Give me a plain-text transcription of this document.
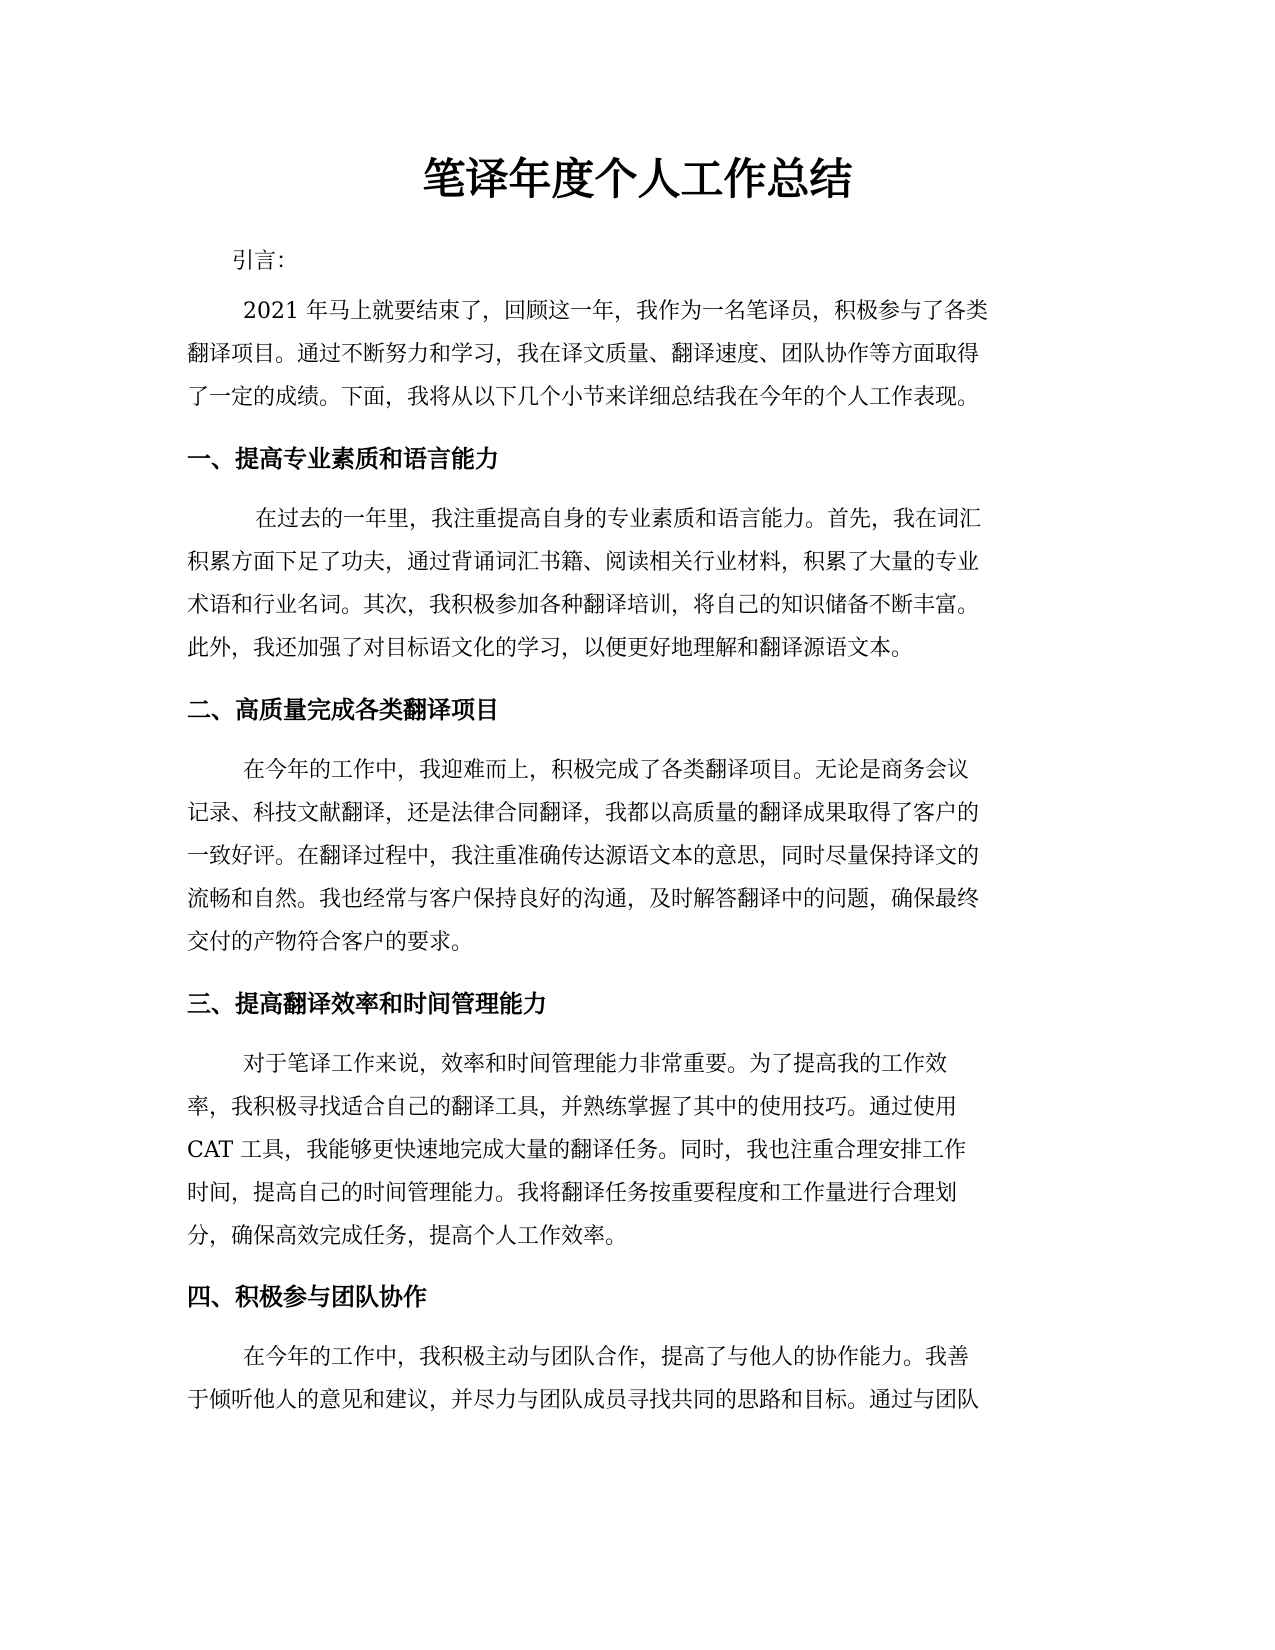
笔译年度个人工作总结

引言：

2021 年马上就要结束了，回顾这一年，我作为一名笔译员，积极参与了各类
翻译项目。通过不断努力和学习，我在译文质量、翻译速度、团队协作等方面取得
了一定的成绩。下面，我将从以下几个小节来详细总结我在今年的个人工作表现。

一、提高专业素质和语言能力

在过去的一年里，我注重提高自身的专业素质和语言能力。首先，我在词汇
积累方面下足了功夫，通过背诵词汇书籍、阅读相关行业材料，积累了大量的专业
术语和行业名词。其次，我积极参加各种翻译培训，将自己的知识储备不断丰富。
此外，我还加强了对目标语文化的学习，以便更好地理解和翻译源语文本。

二、高质量完成各类翻译项目

在今年的工作中，我迎难而上，积极完成了各类翻译项目。无论是商务会议
记录、科技文献翻译，还是法律合同翻译，我都以高质量的翻译成果取得了客户的
一致好评。在翻译过程中，我注重准确传达源语文本的意思，同时尽量保持译文的
流畅和自然。我也经常与客户保持良好的沟通，及时解答翻译中的问题，确保最终
交付的产物符合客户的要求。

三、提高翻译效率和时间管理能力

对于笔译工作来说，效率和时间管理能力非常重要。为了提高我的工作效
率，我积极寻找适合自己的翻译工具，并熟练掌握了其中的使用技巧。通过使用
CAT 工具，我能够更快速地完成大量的翻译任务。同时，我也注重合理安排工作
时间，提高自己的时间管理能力。我将翻译任务按重要程度和工作量进行合理划
分，确保高效完成任务，提高个人工作效率。

四、积极参与团队协作

在今年的工作中，我积极主动与团队合作，提高了与他人的协作能力。我善
于倾听他人的意见和建议，并尽力与团队成员寻找共同的思路和目标。通过与团队
